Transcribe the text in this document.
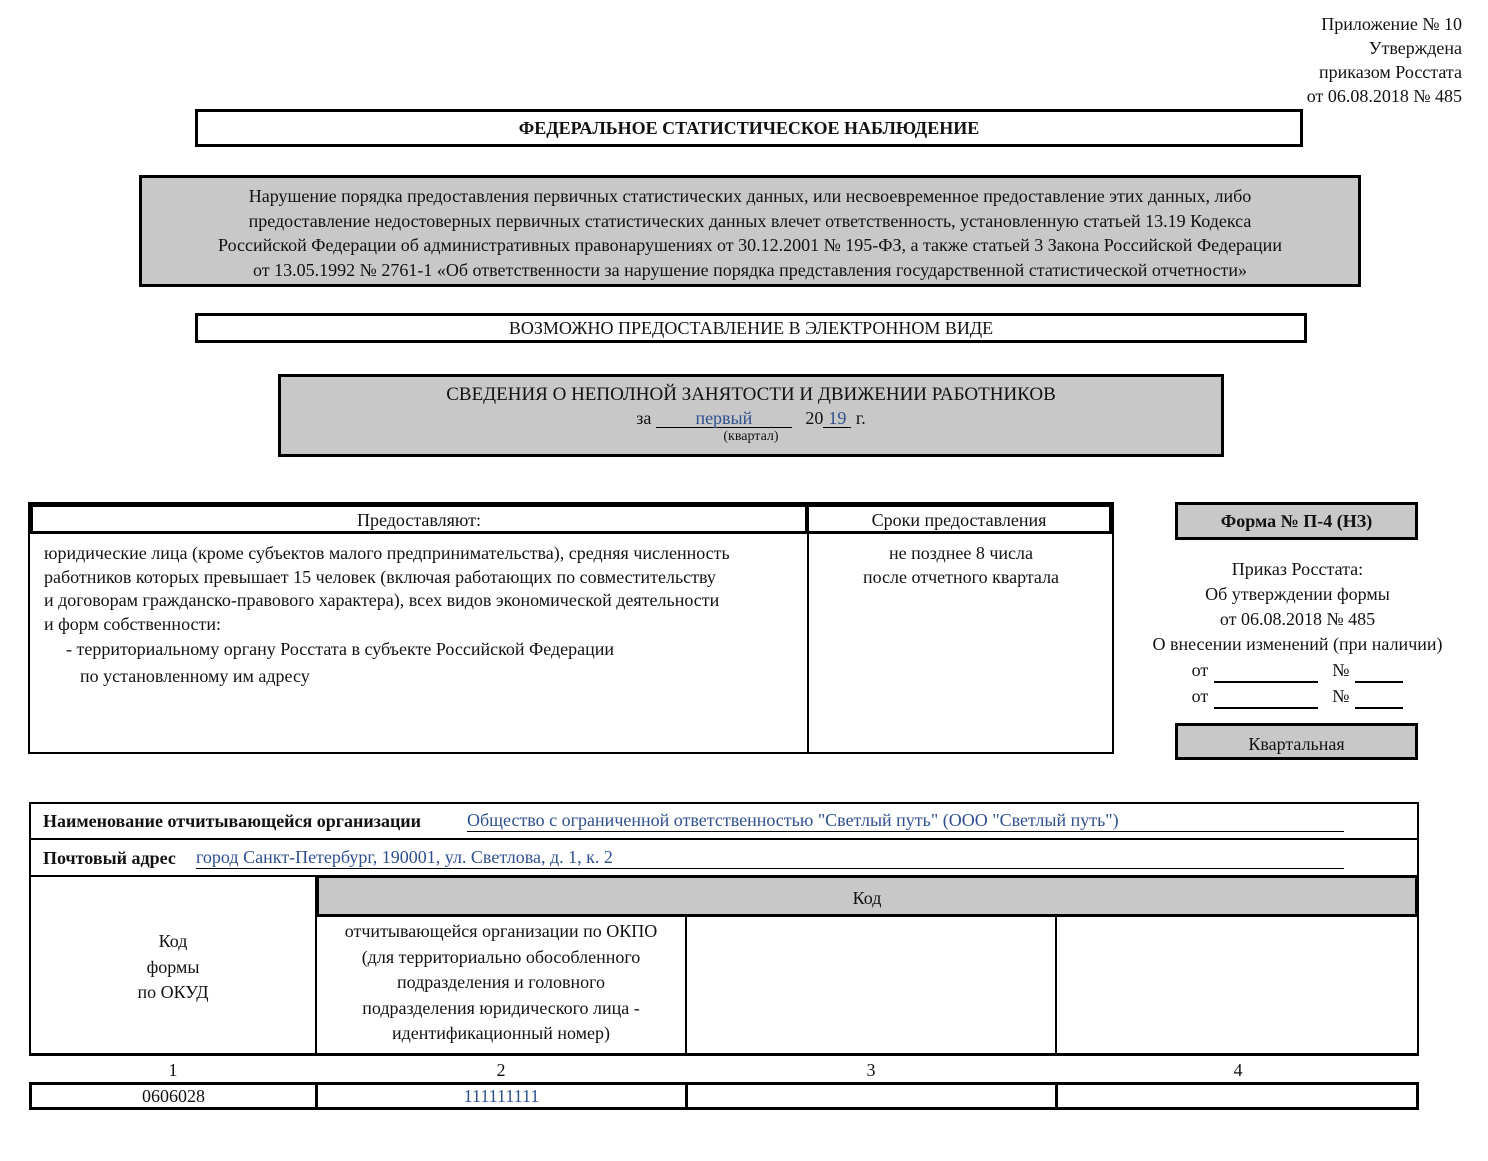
Приложение № 10
Утверждена
приказом Росстата
от 06.08.2018 № 485
ФЕДЕРАЛЬНОЕ СТАТИСТИЧЕСКОЕ НАБЛЮДЕНИЕ
Нарушение порядка предоставления первичных статистических данных, или несвоевременное предоставление этих данных, либо
предоставление недостоверных первичных статистических данных влечет ответственность, установленную статьей 13.19 Кодекса
Российской Федерации об административных правонарушениях от 30.12.2001 № 195-ФЗ, а также статьей 3 Закона Российской Федерации
от 13.05.1992 № 2761-1 «Об ответственности за нарушение порядка представления государственной статистической отчетности»
ВОЗМОЖНО ПРЕДОСТАВЛЕНИЕ В ЭЛЕКТРОННОМ ВИДЕ
СВЕДЕНИЯ О НЕПОЛНОЙ ЗАНЯТОСТИ И ДВИЖЕНИИ РАБОТНИКОВ
за первый	20 19 г.
(квартал)
Предоставляют:	Сроки предоставления
юридические лица (кроме субъектов малого предпринимательства), средняя численность
работников которых превышает 15 человек (включая работающих по совместительству
и договорам гражданско-правового характера), всех видов экономической деятельности
и форм собственности:
- территориальному органу Росстата в субъекте Российской Федерации
по установленному им адресу
не позднее 8 числа
после отчетного квартала
Форма № П-4 (НЗ)
Приказ Росстата:
Об утверждении формы
от 06.08.2018 № 485
О внесении изменений (при наличии)
от	№
от	№
Квартальная
Наименование отчитывающейся организации	Общество с ограниченной ответственностью "Светлый путь" (ООО "Светлый путь")
Почтовый адрес город Санкт-Петербург, 190001, ул. Светлова, д. 1, к. 2
Код
Код
формы
по ОКУД
отчитывающейся организации по ОКПО
(для территориально обособленного
подразделения и головного
подразделения юридического лица -
идентификационный номер)
1	2	3	4
0606028	111111111
